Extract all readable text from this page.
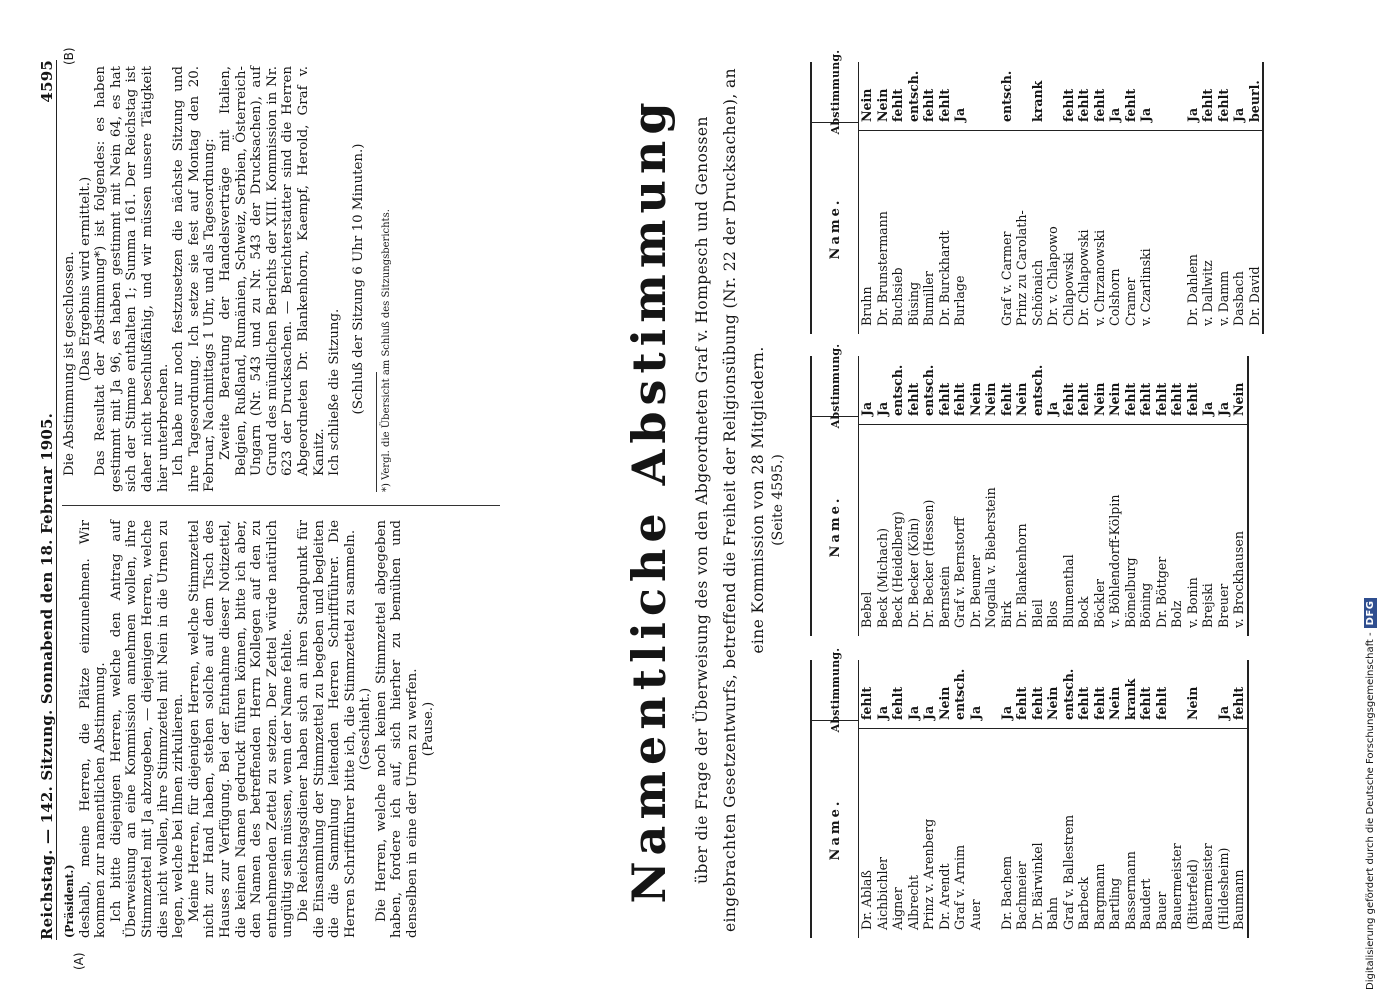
Reichstag. — 142. Sitzung. Sonnabend den 18. Februar 1905.
4595
(A)
(B)

(Präsident.) deshalb, meine Herren, die Plätze einzunehmen. Wir kommen zur namentlichen Abstimmung. Ich bitte diejenigen Herren, welche den Antrag auf Überweisung an eine Kommission annehmen wollen, ihre Stimmzettel mit Ja abzugeben, — diejenigen Herren, welche dies nicht wollen, ihre Stimmzettel mit Nein in die Urnen zu legen, welche bei Ihnen zirkulieren. Meine Herren, für diejenigen Herren, welche Stimmzettel nicht zur Hand haben, stehen solche auf dem Tisch des Hauses zur Verfügung. Bei der Entnahme dieser Notizettel, die keinen Namen gedruckt führen können, bitte ich aber, den Namen des betreffenden Herrn Kollegen auf den zu entnehmenden Zettel zu setzen. Der Zettel würde natürlich ungültig sein müssen, wenn der Name fehlte. Die Reichstagsdiener haben sich an ihren Standpunkt für die Einsammlung der Stimmzettel zu begeben und begleiten die die Sammlung leitenden Herren Schriftführer. Die Herren Schriftführer bitte ich, die Stimmzettel zu sammeln. (Geschieht.) Die Herren, welche noch keinen Stimmzettel abgegeben haben, fordere ich auf, sich hierher zu bemühen und denselben in eine der Urnen zu werfen. (Pause.)

Die Abstimmung ist geschlossen. (Das Ergebnis wird ermittelt.) Das Resultat der Abstimmung*) ist folgendes: es haben gestimmt mit Ja 96, es haben gestimmt mit Nein 64, es hat sich der Stimme enthalten 1; Summa 161. Der Reichstag ist daher nicht beschlußfähig, und wir müssen unsere Tätigkeit hier unterbrechen. Ich habe nur noch festzusetzen die nächste Sitzung und ihre Tagesordnung. Ich setze sie fest auf Montag den 20. Februar, Nachmittags 1 Uhr, und als Tagesordnung: Zweite Beratung der Handelsverträge mit Italien, Belgien, Rußland, Rumänien, Schweiz, Serbien, Österreich-Ungarn (Nr. 543 und zu Nr. 543 der Drucksachen), auf Grund des mündlichen Berichts der XIII. Kommission in Nr. 623 der Drucksachen. — Berichterstatter sind die Herren Abgeordneten Dr. Blankenhorn, Kaempf, Herold, Graf v. Kanitz. Ich schließe die Sitzung. (Schluß der Sitzung 6 Uhr 10 Minuten.) *) Vergl. die Übersicht am Schluß des Sitzungsberichts.	Namentliche Abstimmung	über die Frage der Überweisung des von den Abgeordneten Graf v. Hompesch und Genossen eingebrachten Gesetzentwurfs, betreffend die Freiheit der Religionsübung (Nr. 22 der Drucksachen), an eine Kommission von 28 Mitgliedern. (Seite 4595.)
Name.
Abstimmung.
Dr. Ablaß
fehlt
Aichbichler
Ja
Aigner
fehlt
Albrecht
Ja
Prinz v. Arenberg
Ja
Dr. Arendt
Nein
Graf v. Arnim
entsch.
Auer
Ja
Dr. Bachem
Ja
Bachmeier
fehlt
Dr. Bärwinkel
fehlt
Bahn
Nein
Graf v. Ballestrem
entsch.
Barbeck
fehlt
Bargmann
fehlt
Bartling
Nein
Bassermann
krank
Baudert
fehlt
Bauer
fehlt
Bauermeister (Bitterfeld)
Nein
Bauermeister (Hildesheim)
Ja
Baumann
fehlt
Name.
Abstimmung.
Bebel
Ja
Beck (Michach)
Ja
Beck (Heidelberg)
entsch.
Dr. Becker (Köln)
fehlt
Dr. Becker (Hessen)
entsch.
Bernstein
fehlt
Graf v. Bernstorff
fehlt
Dr. Beumer
Nein
Nogalla v. Bieberstein
Nein
Birk
fehlt
Dr. Blankenhorn
Nein
Bleil
entsch.
Blos
Ja
Blumenthal
fehlt
Bock
fehlt
Böckler
Nein
v. Böhlendorff-Kölpin
Nein
Bömelburg
fehlt
Böning
fehlt
Dr. Böttger
fehlt
Bolz
fehlt
v. Bonin
fehlt
Brejski
Ja
Breuer
Ja
v. Brockhausen
Nein
Name.
Abstimmung.
Bruhn
Nein
Dr. Brunstermann
Nein
Buchsieb
fehlt
Büsing
entsch.
Bumiller
fehlt
Dr. Burckhardt
fehlt
Burlage
Ja
Graf v. Carmer
entsch.
Prinz zu Carolath- Schönaich
krank
Dr. v. Chlapowo Chlapowski
fehlt
Dr. Chlapowski
fehlt
v. Chrzanowski
fehlt
Colshorn
Ja
Cramer
fehlt
v. Czarlinski
Ja
Dr. Dahlem
Ja
v. Dallwitz
fehlt
v. Damm
fehlt
Dasbach
Ja
Dr. David
beurl.
Digitalisierung gefördert durch die Deutsche Forschungsgemeinschaft -DFG
